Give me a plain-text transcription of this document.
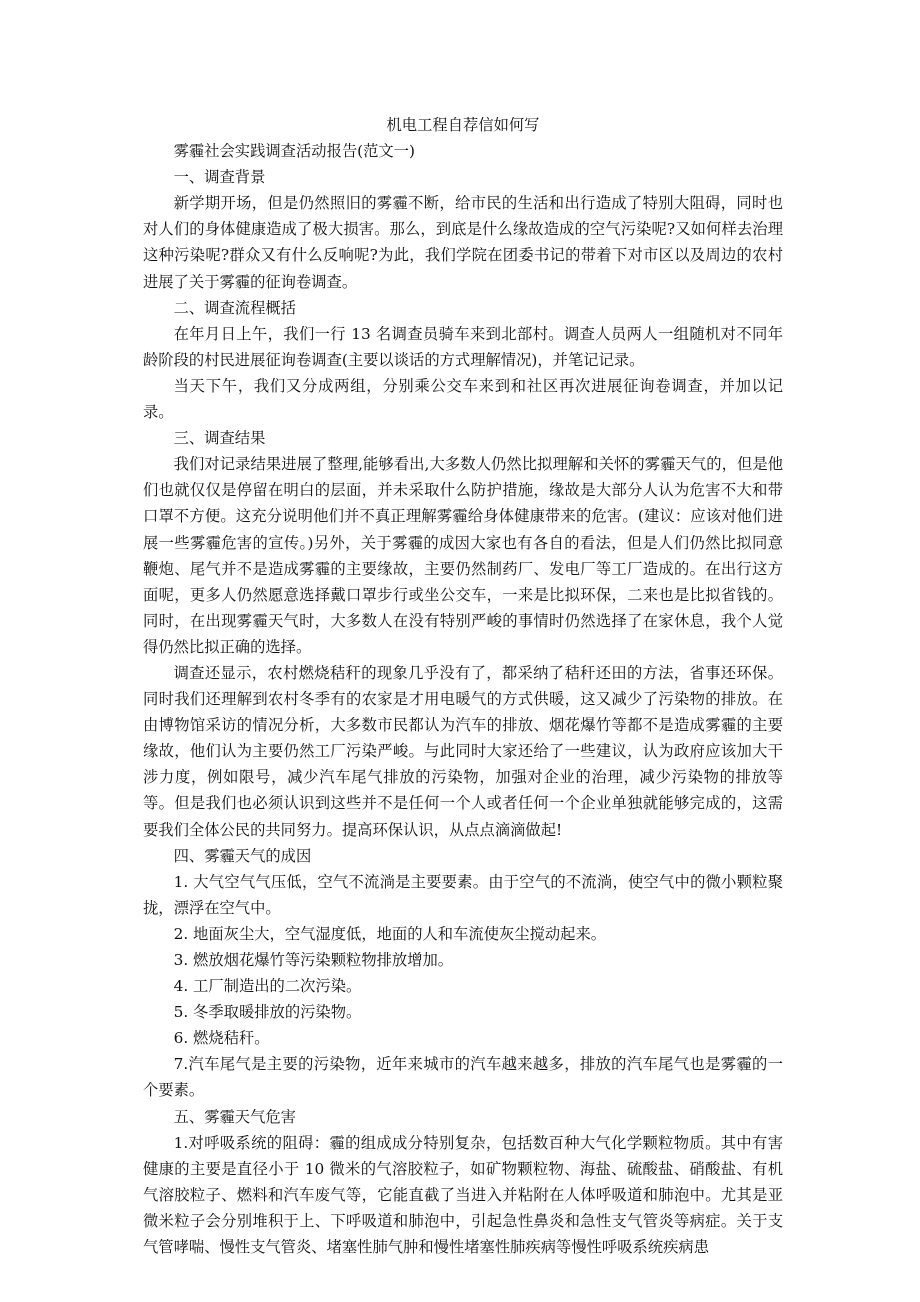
机电工程自荐信如何写

雾霾社会实践调查活动报告(范文一)

一、调查背景

新学期开场，但是仍然照旧的雾霾不断，给市民的生活和出行造成了特别大阻碍，同时也对人们的身体健康造成了极大损害。那么，到底是什么缘故造成的空气污染呢?又如何样去治理这种污染呢?群众又有什么反响呢?为此，我们学院在团委书记的带着下对市区以及周边的农村进展了关于雾霾的征询卷调查。

二、调查流程概括

在年月日上午，我们一行 13 名调查员骑车来到北部村。调查人员两人一组随机对不同年龄阶段的村民进展征询卷调查(主要以谈话的方式理解情况)，并笔记记录。

当天下午，我们又分成两组，分别乘公交车来到和社区再次进展征询卷调查，并加以记录。

三、调查结果

我们对记录结果进展了整理,能够看出,大多数人仍然比拟理解和关怀的雾霾天气的，但是他们也就仅仅是停留在明白的层面，并未采取什么防护措施，缘故是大部分人认为危害不大和带口罩不方便。这充分说明他们并不真正理解雾霾给身体健康带来的危害。(建议：应该对他们进展一些雾霾危害的宣传。)另外，关于雾霾的成因大家也有各自的看法，但是人们仍然比拟同意鞭炮、尾气并不是造成雾霾的主要缘故，主要仍然制药厂、发电厂等工厂造成的。在出行这方面呢，更多人仍然愿意选择戴口罩步行或坐公交车，一来是比拟环保，二来也是比拟省钱的。同时，在出现雾霾天气时，大多数人在没有特别严峻的事情时仍然选择了在家休息，我个人觉得仍然比拟正确的选择。

调查还显示，农村燃烧秸秆的现象几乎没有了，都采纳了秸秆还田的方法，省事还环保。同时我们还理解到农村冬季有的农家是才用电暖气的方式供暖，这又减少了污染物的排放。在由博物馆采访的情况分析，大多数市民都认为汽车的排放、烟花爆竹等都不是造成雾霾的主要缘故，他们认为主要仍然工厂污染严峻。与此同时大家还给了一些建议，认为政府应该加大干涉力度，例如限号，减少汽车尾气排放的污染物，加强对企业的治理，减少污染物的排放等等。但是我们也必须认识到这些并不是任何一个人或者任何一个企业单独就能够完成的，这需要我们全体公民的共同努力。提高环保认识，从点点滴滴做起!

四、雾霾天气的成因

1. 大气空气气压低，空气不流淌是主要要素。由于空气的不流淌，使空气中的微小颗粒聚拢，漂浮在空气中。

2. 地面灰尘大，空气湿度低，地面的人和车流使灰尘搅动起来。

3. 燃放烟花爆竹等污染颗粒物排放增加。

4. 工厂制造出的二次污染。

5. 冬季取暖排放的污染物。

6. 燃烧秸秆。

7.汽车尾气是主要的污染物，近年来城市的汽车越来越多，排放的汽车尾气也是雾霾的一个要素。

五、雾霾天气危害

1.对呼吸系统的阻碍：霾的组成成分特别复杂，包括数百种大气化学颗粒物质。其中有害健康的主要是直径小于 10 微米的气溶胶粒子，如矿物颗粒物、海盐、硫酸盐、硝酸盐、有机气溶胶粒子、燃料和汽车废气等，它能直截了当进入并粘附在人体呼吸道和肺泡中。尤其是亚微米粒子会分别堆积于上、下呼吸道和肺泡中，引起急性鼻炎和急性支气管炎等病症。关于支气管哮喘、慢性支气管炎、堵塞性肺气肿和慢性堵塞性肺疾病等慢性呼吸系统疾病患
